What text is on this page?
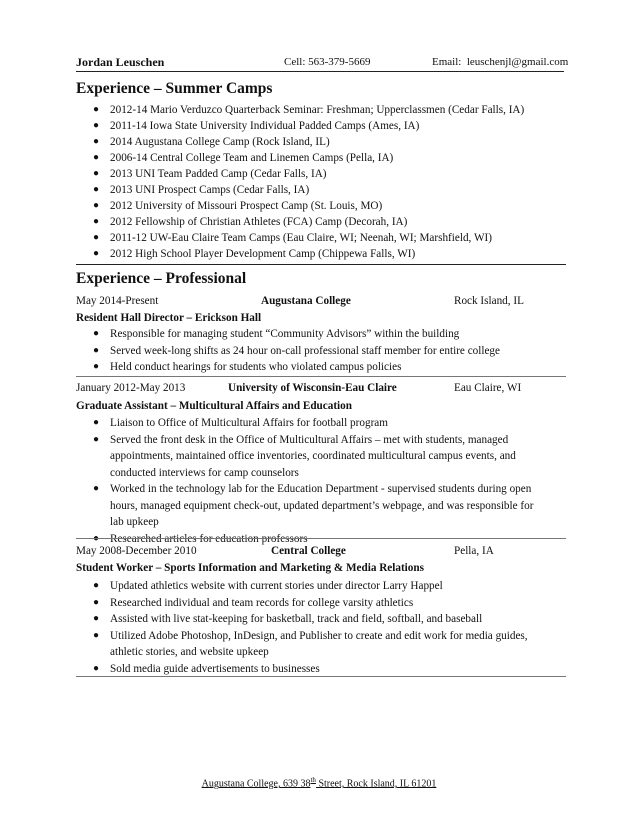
Jordan Leuschen	Cell: 563-379-5669	Email: leuschenjl@gmail.com
Experience – Summer Camps
● 2012-14 Mario Verduzco Quarterback Seminar: Freshman; Upperclassmen (Cedar Falls, IA)
● 2011-14 Iowa State University Individual Padded Camps (Ames, IA)
● 2014 Augustana College Camp (Rock Island, IL)
● 2006-14 Central College Team and Linemen Camps (Pella, IA)
● 2013 UNI Team Padded Camp (Cedar Falls, IA)
● 2013 UNI Prospect Camps (Cedar Falls, IA)
● 2012 University of Missouri Prospect Camp (St. Louis, MO)
● 2012 Fellowship of Christian Athletes (FCA) Camp (Decorah, IA)
● 2011-12 UW-Eau Claire Team Camps (Eau Claire, WI; Neenah, WI; Marshfield, WI)
● 2012 High School Player Development Camp (Chippewa Falls, WI)
Experience – Professional
May 2014-Present	Augustana College	Rock Island, IL
Resident Hall Director – Erickson Hall
● Responsible for managing student “Community Advisors” within the building
● Served week-long shifts as 24 hour on-call professional staff member for entire college
● Held conduct hearings for students who violated campus policies
January 2012-May 2013	University of Wisconsin-Eau Claire	Eau Claire, WI
Graduate Assistant – Multicultural Affairs and Education
● Liaison to Office of Multicultural Affairs for football program
● Served the front desk in the Office of Multicultural Affairs – met with students, managed appointments, maintained office inventories, coordinated multicultural campus events, and conducted interviews for camp counselors
● Worked in the technology lab for the Education Department - supervised students during open hours, managed equipment check-out, updated department’s webpage, and was responsible for lab upkeep
● Researched articles for education professors
May 2008-December 2010	Central College	Pella, IA
Student Worker – Sports Information and Marketing & Media Relations
● Updated athletics website with current stories under director Larry Happel
● Researched individual and team records for college varsity athletics
● Assisted with live stat-keeping for basketball, track and field, softball, and baseball
● Utilized Adobe Photoshop, InDesign, and Publisher to create and edit work for media guides, athletic stories, and website upkeep
● Sold media guide advertisements to businesses
Augustana College, 639 38th Street, Rock Island, IL 61201
